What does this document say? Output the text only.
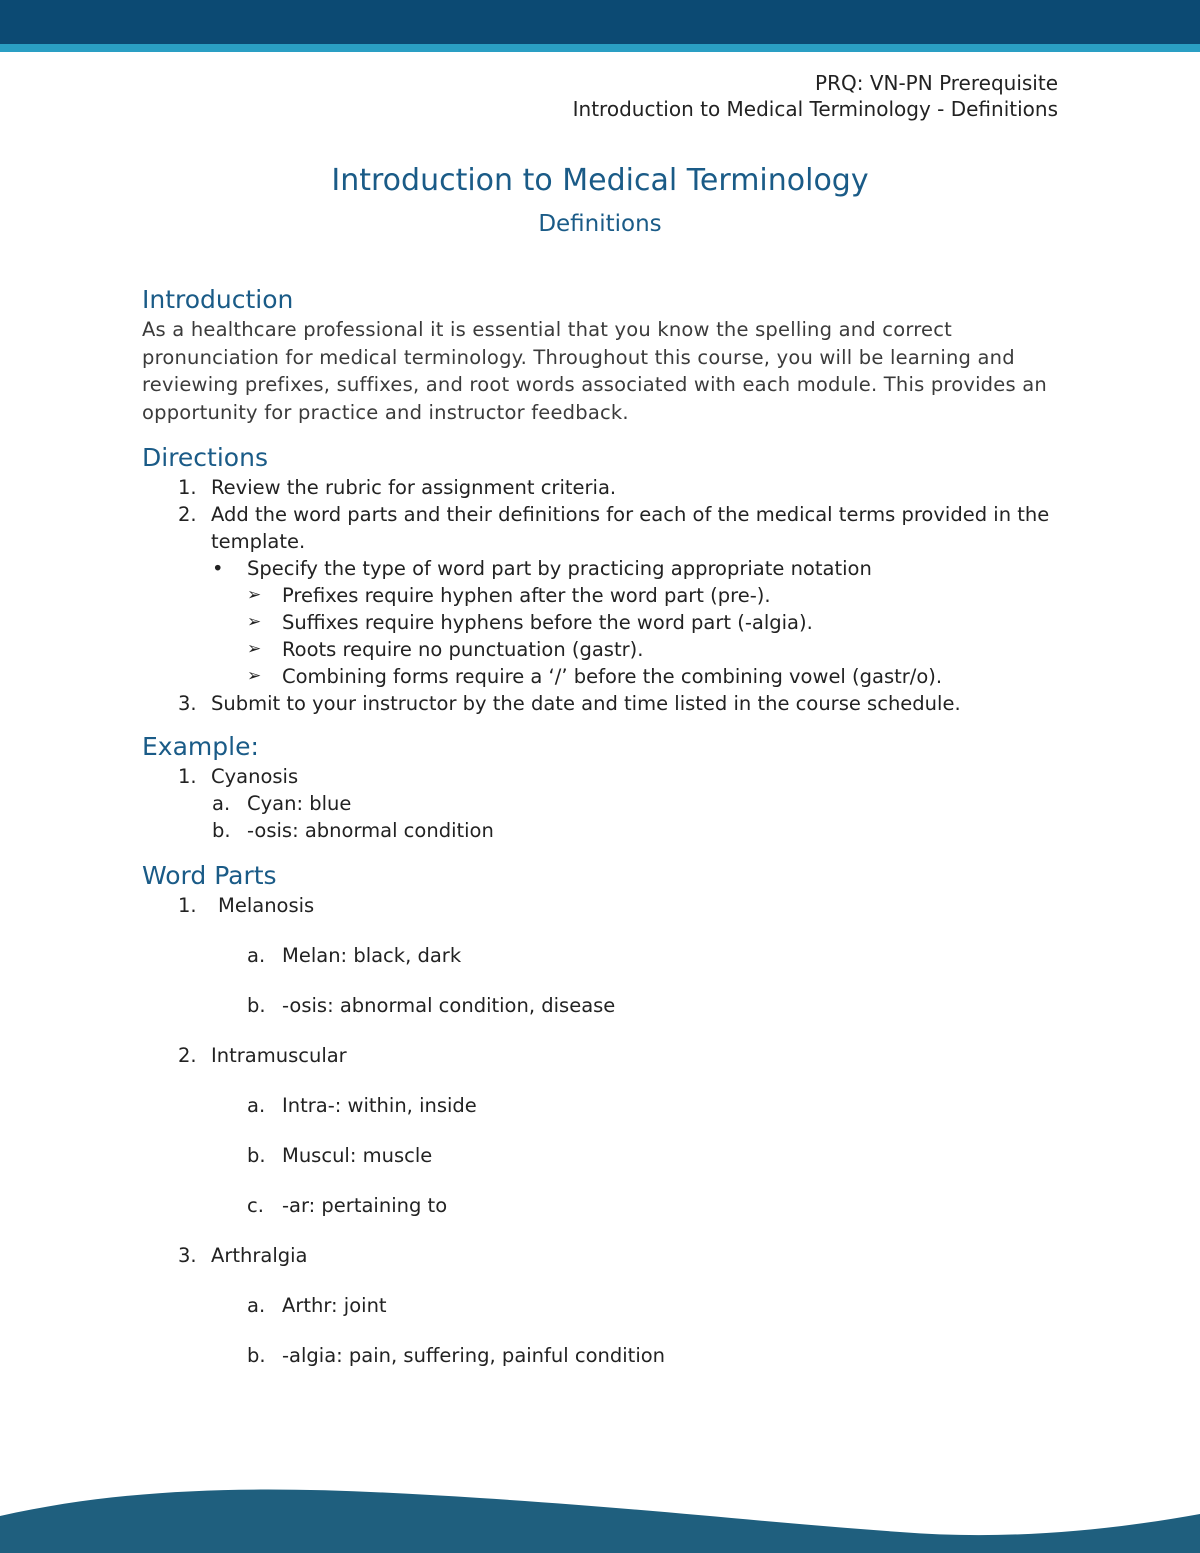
PRQ: VN-PN Prerequisite
Introduction to Medical Terminology - Definitions
Introduction to Medical Terminology
Definitions
Introduction

As a healthcare professional it is essential that you know the spelling and correct pronunciation for medical terminology. Throughout this course, you will be learning and reviewing prefixes, suffixes, and root words associated with each module. This provides an opportunity for practice and instructor feedback.

Directions
1. Review the rubric for assignment criteria.
2. Add the word parts and their definitions for each of the medical terms provided in the template.
•	Specify the type of word part by practicing appropriate notation
➢	Prefixes require hyphen after the word part (pre-).
➢	Suffixes require hyphens before the word part (-algia).
➢	Roots require no punctuation (gastr).
➢	Combining forms require a ‘/’ before the combining vowel (gastr/o).
3. Submit to your instructor by the date and time listed in the course schedule.
Example:
1. Cyanosis
a. Cyan: blue
b. -osis: abnormal condition
Word Parts
1.	Melanosis
a. Melan: black, dark
b. -osis: abnormal condition, disease
2. Intramuscular
a. Intra-: within, inside
b. Muscul: muscle
c. -ar: pertaining to
3. Arthralgia
a. Arthr: joint
b. -algia: pain, suffering, painful condition
